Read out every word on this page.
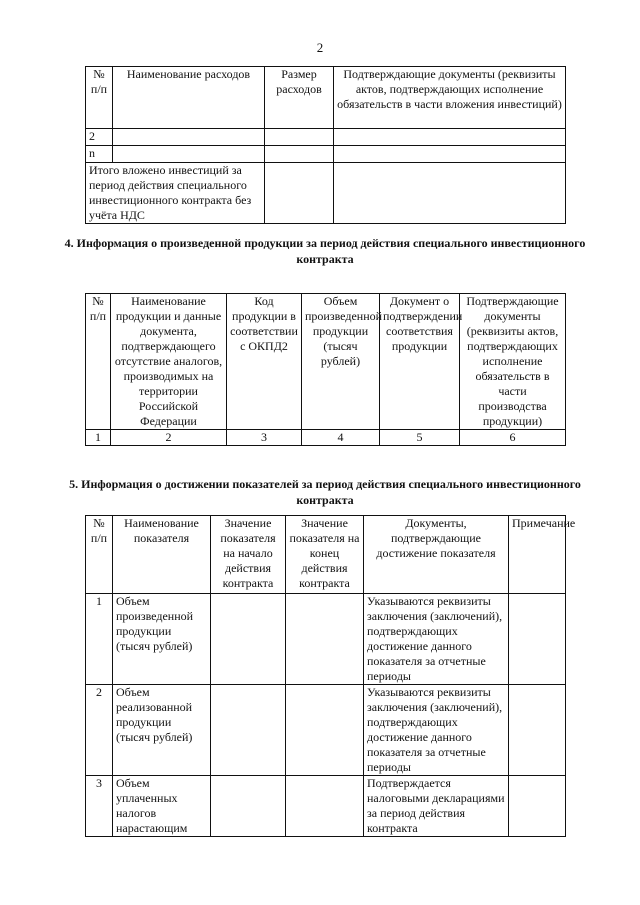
2
№ п/п	Наименование расходов	Размер расходов	Подтверждающие документы (реквизиты актов, подтверждающих исполнение обязательств в части вложения инвестиций)
2			
n			
Итого вложено инвестиций за период действия специального инвестиционного контракта без учёта НДС			
4. Информация о произведенной продукции за период действия специального инвестиционного контракта
№ п/п	Наименование продукции и данные документа, подтверждающего отсутствие аналогов, производимых на территории Российской Федерации	Код продукции в соответствии с ОКПД2	Объем произведенной продукции (тысяч рублей)	Документ о подтверждении соответствия продукции	Подтверждающие документы (реквизиты актов, подтверждающих исполнение обязательств в части производства продукции)
1	2	3	4	5	6
5. Информация о достижении показателей за период действия специального инвестиционного контракта
№ п/п	Наименование показателя	Значение показателя на начало действия контракта	Значение показателя на конец действия контракта	Документы, подтверждающие достижение показателя	Примечание
1	Объем произведенной продукции (тысяч рублей)			Указываются реквизиты заключения (заключений), подтверждающих достижение данного показателя за отчетные периоды	
2	Объем реализованной продукции (тысяч рублей)			Указываются реквизиты заключения (заключений), подтверждающих достижение данного показателя за отчетные периоды	
3	Объем уплаченных налогов нарастающим			Подтверждается налоговыми декларациями за период действия контракта	
